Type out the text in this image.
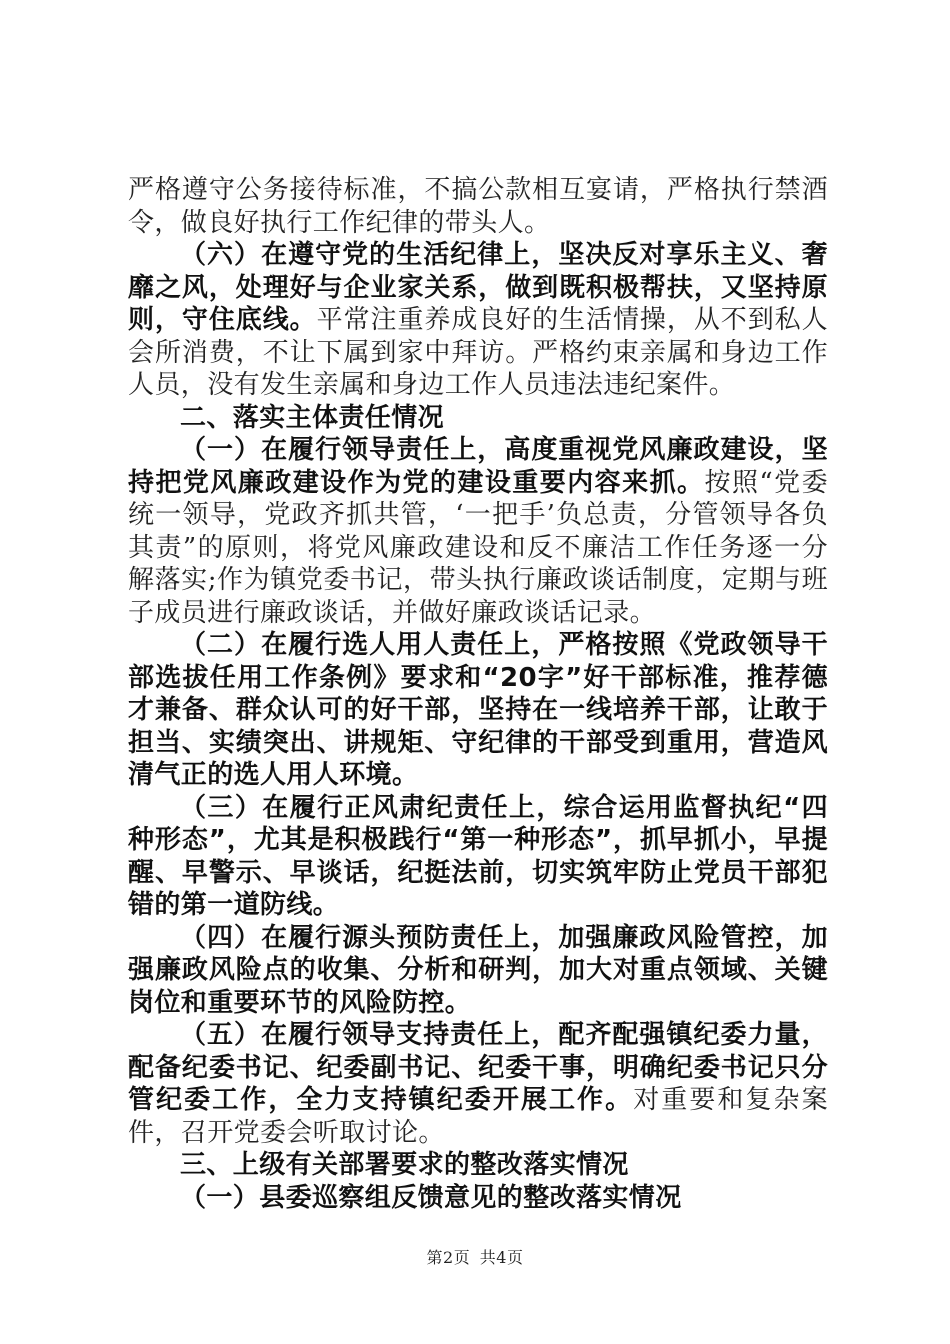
严格遵守公务接待标准，不搞公款相互宴请，严格执行禁酒令，做良好执行工作纪律的带头人。

（六）在遵守党的生活纪律上，坚决反对享乐主义、奢靡之风，处理好与企业家关系，做到既积极帮扶，又坚持原则，守住底线。平常注重养成良好的生活情操，从不到私人会所消费，不让下属到家中拜访。严格约束亲属和身边工作人员，没有发生亲属和身边工作人员违法违纪案件。

二、落实主体责任情况

（一）在履行领导责任上，高度重视党风廉政建设，坚持把党风廉政建设作为党的建设重要内容来抓。按照“党委统一领导，党政齐抓共管，‘一把手’负总责，分管领导各负其责”的原则，将党风廉政建设和反不廉洁工作任务逐一分解落实;作为镇党委书记，带头执行廉政谈话制度，定期与班子成员进行廉政谈话，并做好廉政谈话记录。

（二）在履行选人用人责任上，严格按照《党政领导干部选拔任用工作条例》要求和“20字”好干部标准，推荐德才兼备、群众认可的好干部，坚持在一线培养干部，让敢于担当、实绩突出、讲规矩、守纪律的干部受到重用，营造风清气正的选人用人环境。

（三）在履行正风肃纪责任上，综合运用监督执纪“四种形态”，尤其是积极践行“第一种形态”，抓早抓小，早提醒、早警示、早谈话，纪挺法前，切实筑牢防止党员干部犯错的第一道防线。

（四）在履行源头预防责任上，加强廉政风险管控，加强廉政风险点的收集、分析和研判，加大对重点领域、关键岗位和重要环节的风险防控。

（五）在履行领导支持责任上，配齐配强镇纪委力量，配备纪委书记、纪委副书记、纪委干事，明确纪委书记只分管纪委工作，全力支持镇纪委开展工作。对重要和复杂案件，召开党委会听取讨论。

三、上级有关部署要求的整改落实情况

（一）县委巡察组反馈意见的整改落实情况

第2页 共4页
